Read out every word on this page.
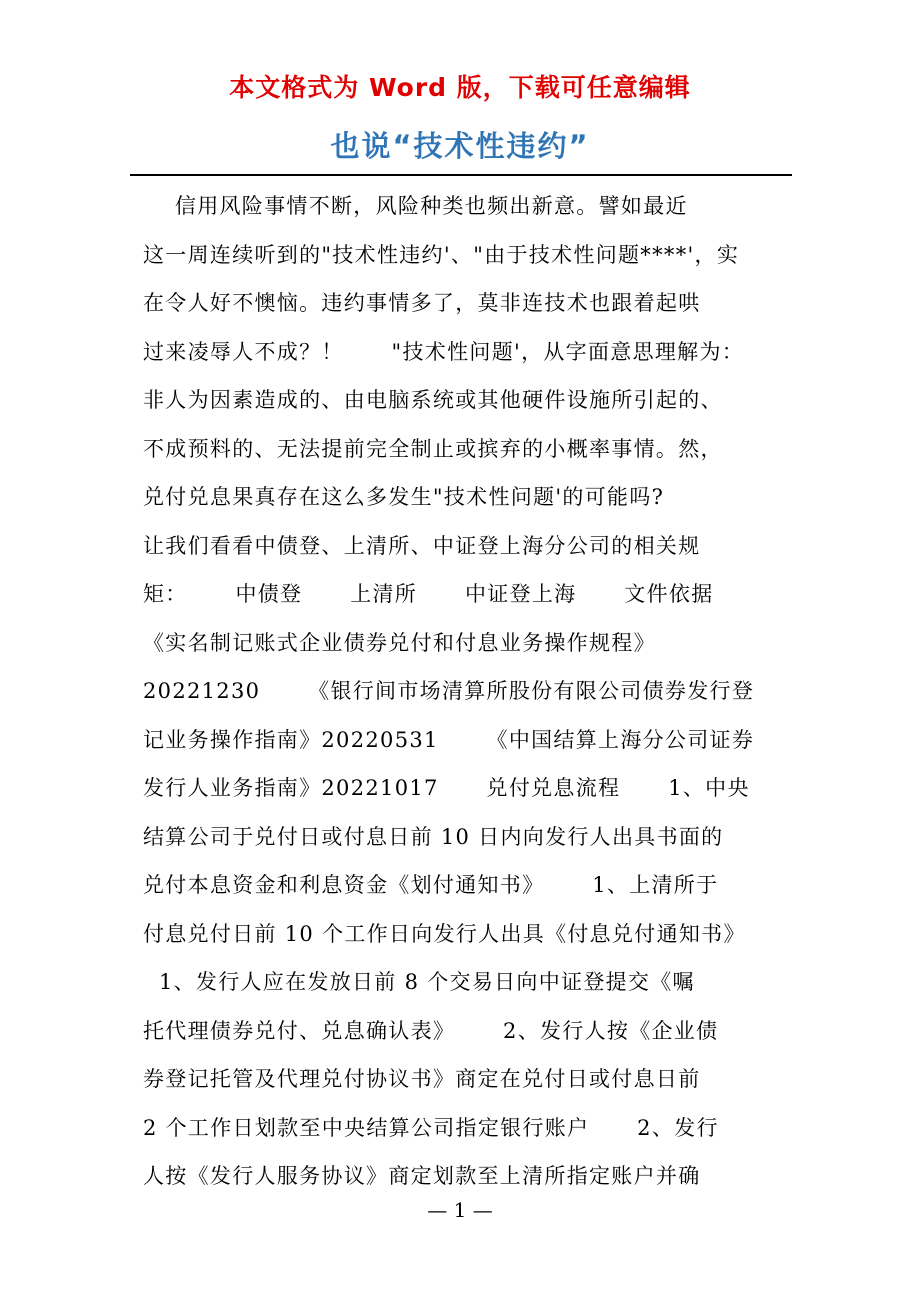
本文格式为 Word 版，下载可任意编辑
也说“技术性违约”
信用风险事情不断，风险种类也频出新意。譬如最近
这一周连续听到的"技术性违约'、"由于技术性问题****'，实
在令人好不懊恼。违约事情多了，莫非连技术也跟着起哄
过来凌辱人不成？！      "技术性问题'，从字面意思理解为：
非人为因素造成的、由电脑系统或其他硬件设施所引起的、
不成预料的、无法提前完全制止或摈弃的小概率事情。然，
兑付兑息果真存在这么多发生"技术性问题'的可能吗?
让我们看看中债登、上清所、中证登上海分公司的相关规
矩：      中债登      上清所      中证登上海      文件依据
《实名制记账式企业债券兑付和付息业务操作规程》
20221230      《银行间市场清算所股份有限公司债券发行登
记业务操作指南》20220531      《中国结算上海分公司证券
发行人业务指南》20221017      兑付兑息流程      1、中央
结算公司于兑付日或付息日前 10 日内向发行人出具书面的
兑付本息资金和利息资金《划付通知书》      1、上清所于
付息兑付日前 10 个工作日向发行人出具《付息兑付通知书》
1、发行人应在发放日前 8 个交易日向中证登提交《嘱
托代理债券兑付、兑息确认表》      2、发行人按《企业债
券登记托管及代理兑付协议书》商定在兑付日或付息日前
2 个工作日划款至中央结算公司指定银行账户      2、发行
人按《发行人服务协议》商定划款至上清所指定账户并确
— 1 —
